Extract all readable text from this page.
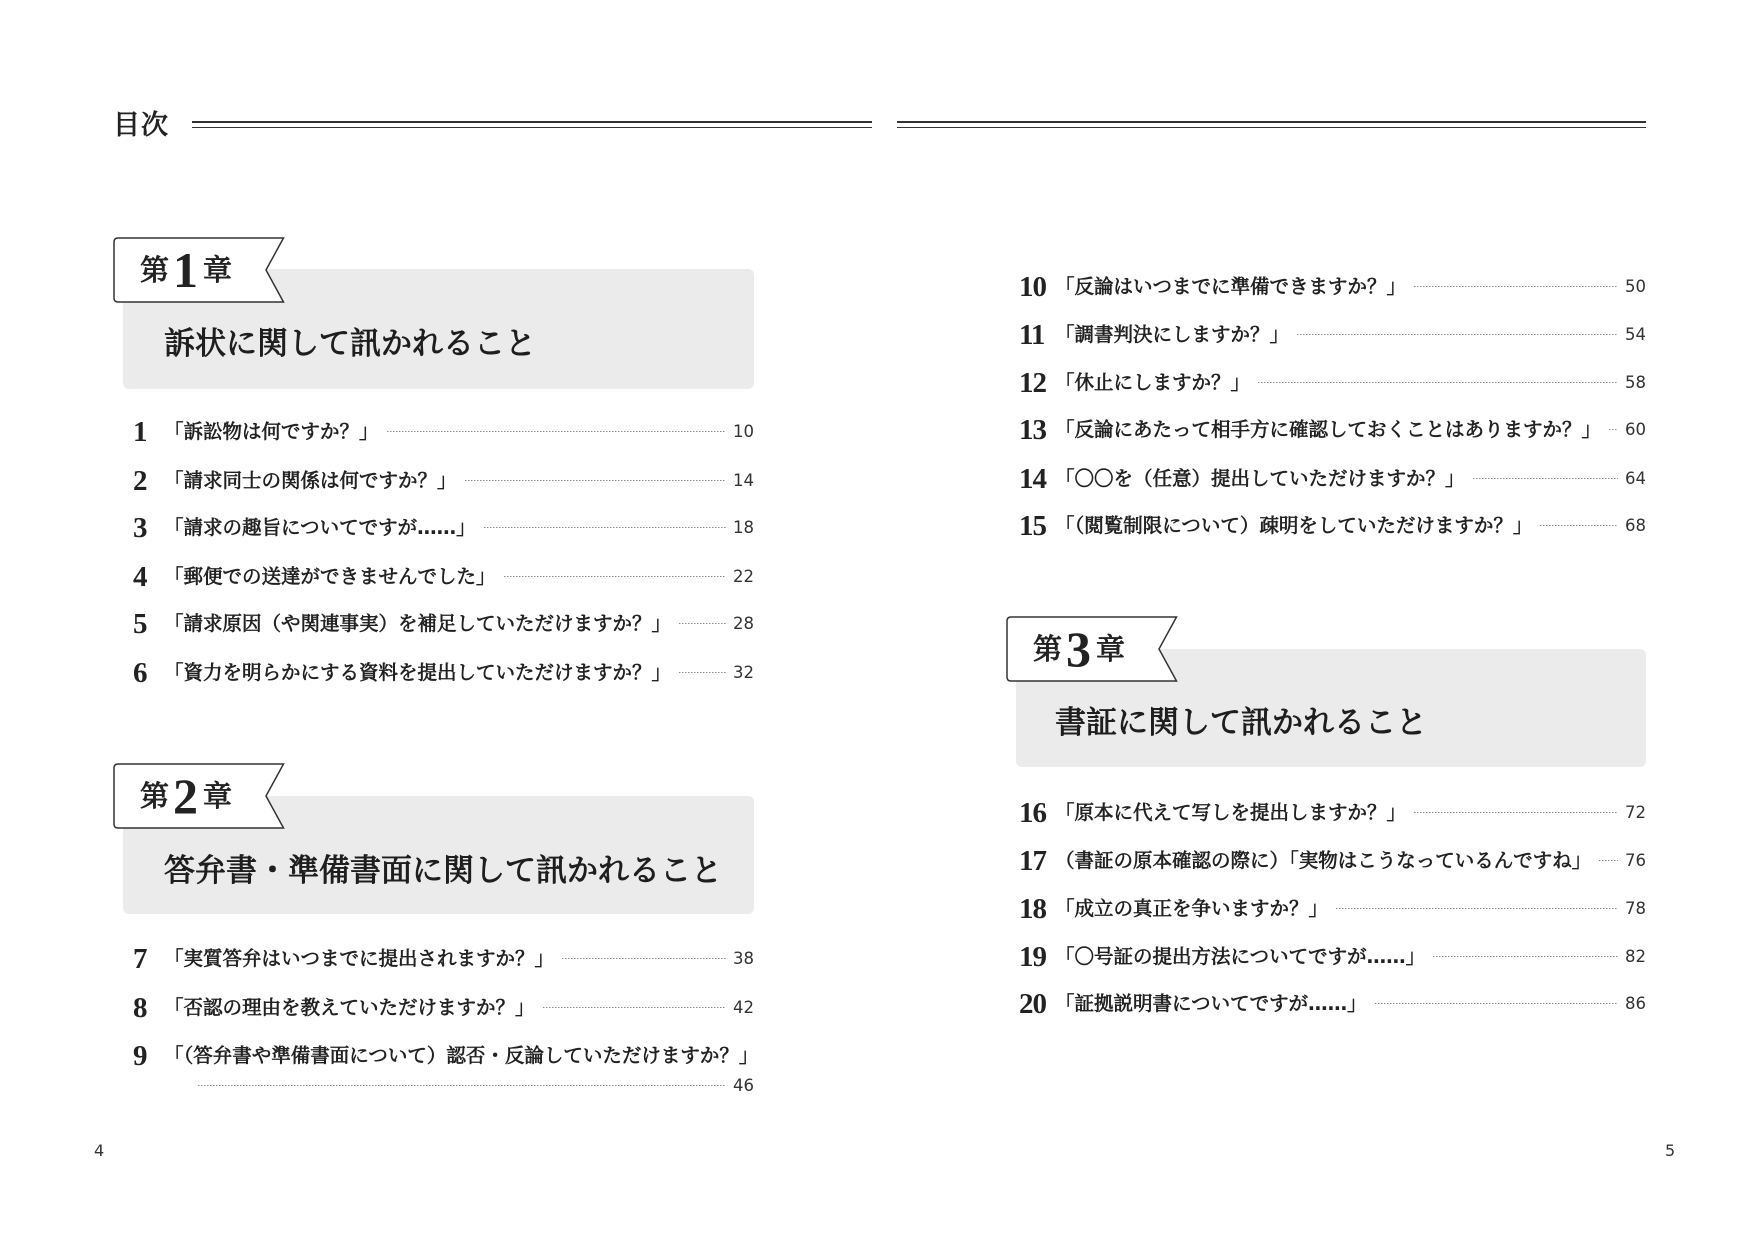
目次
訴状に関して訊かれること
第 1 章
1 「訴訟物は何ですか？」	10
2 「請求同士の関係は何ですか？」	14
3 「請求の趣旨についてですが……」	18
4 「郵便での送達ができませんでした」	22
5 「請求原因（や関連事実）を補足していただけますか？」	28
6 「資力を明らかにする資料を提出していただけますか？」	32
答弁書・準備書面に関して訊かれること
第 2 章
7 「実質答弁はいつまでに提出されますか？」	38
8 「否認の理由を教えていただけますか？」	42
9 「（答弁書や準備書面について）認否・反論していただけますか？」
46
10 「反論はいつまでに準備できますか？」	50
11 「調書判決にしますか？」	54
12 「休止にしますか？」	58
13 「反論にあたって相手方に確認しておくことはありますか？」 60
14 「〇〇を（任意）提出していただけますか？」	64
15 「（閲覧制限について）疎明をしていただけますか？」	68
書証に関して訊かれること
第 3 章
16 「原本に代えて写しを提出しますか？」	72
17 （書証の原本確認の際に）「実物はこうなっているんですね」 76
18 「成立の真正を争いますか？」	78
19 「〇号証の提出方法についてですが……」	82
20 「証拠説明書についてですが……」	86
4	5
